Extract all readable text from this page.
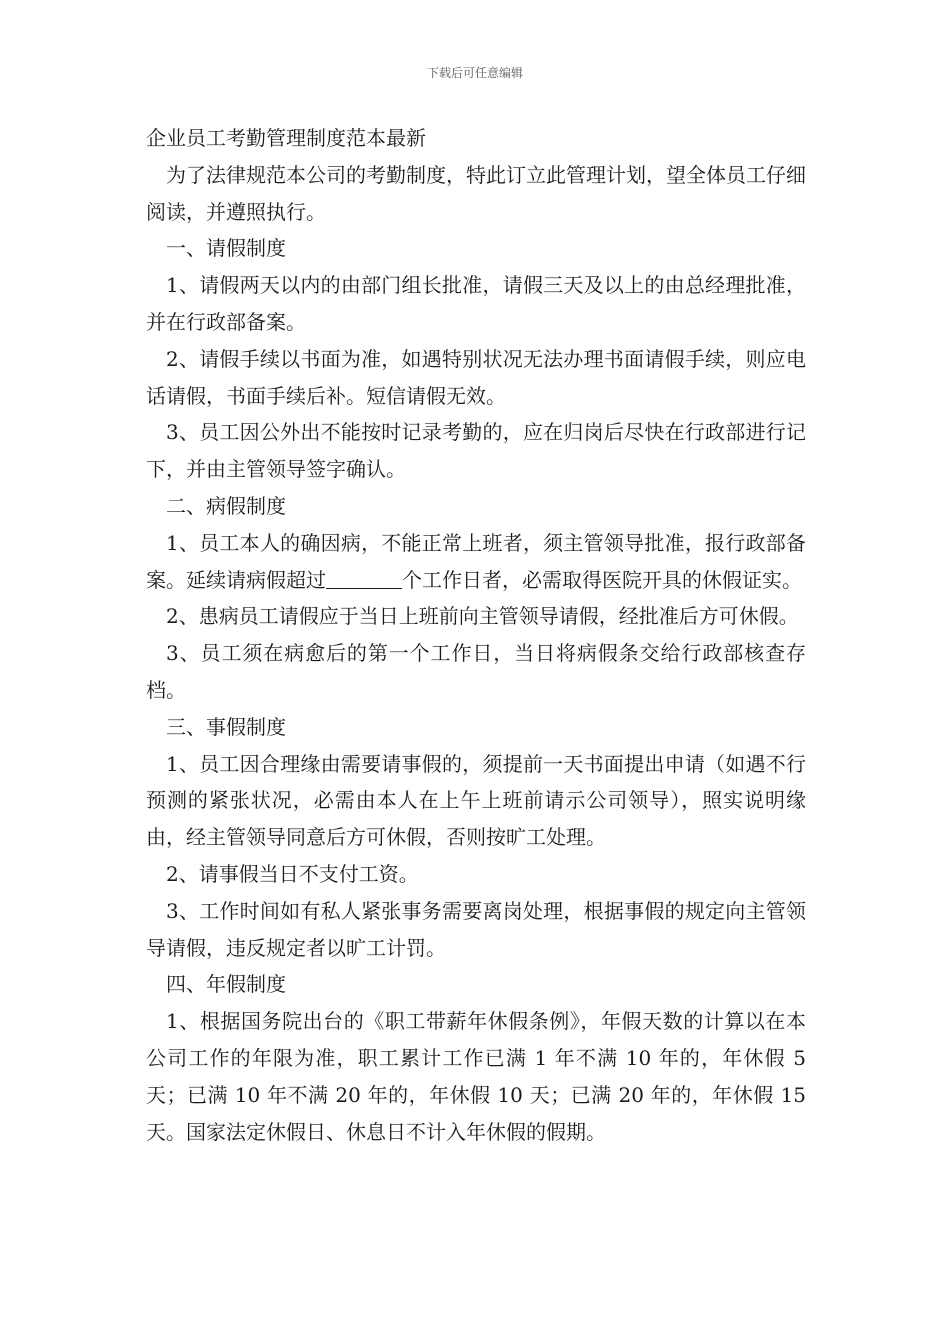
下载后可任意编辑
企业员工考勤管理制度范本最新

为了法律规范本公司的考勤制度，特此订立此管理计划，望全体员工仔细阅读，并遵照执行。

一、请假制度

1、请假两天以内的由部门组长批准，请假三天及以上的由总经理批准，并在行政部备案。

2、请假手续以书面为准，如遇特别状况无法办理书面请假手续，则应电话请假，书面手续后补。短信请假无效。

3、员工因公外出不能按时记录考勤的，应在归岗后尽快在行政部进行记下，并由主管领导签字确认。

二、病假制度

1、员工本人的确因病，不能正常上班者，须主管领导批准，报行政部备案。延续请病假超过	个工作日者，必需取得医院开具的休假证实。

2、患病员工请假应于当日上班前向主管领导请假，经批准后方可休假。

3、员工须在病愈后的第一个工作日，当日将病假条交给行政部核查存档。

三、事假制度

1、员工因合理缘由需要请事假的，须提前一天书面提出申请（如遇不行预测的紧张状况，必需由本人在上午上班前请示公司领导），照实说明缘由，经主管领导同意后方可休假，否则按旷工处理。

2、请事假当日不支付工资。

3、工作时间如有私人紧张事务需要离岗处理，根据事假的规定向主管领导请假，违反规定者以旷工计罚。

四、年假制度

1、根据国务院出台的《职工带薪年休假条例》，年假天数的计算以在本公司工作的年限为准，职工累计工作已满 1 年不满 10 年的，年休假 5 天；已满 10 年不满 20 年的，年休假 10 天；已满 20 年的，年休假 15 天。国家法定休假日、休息日不计入年休假的假期。
